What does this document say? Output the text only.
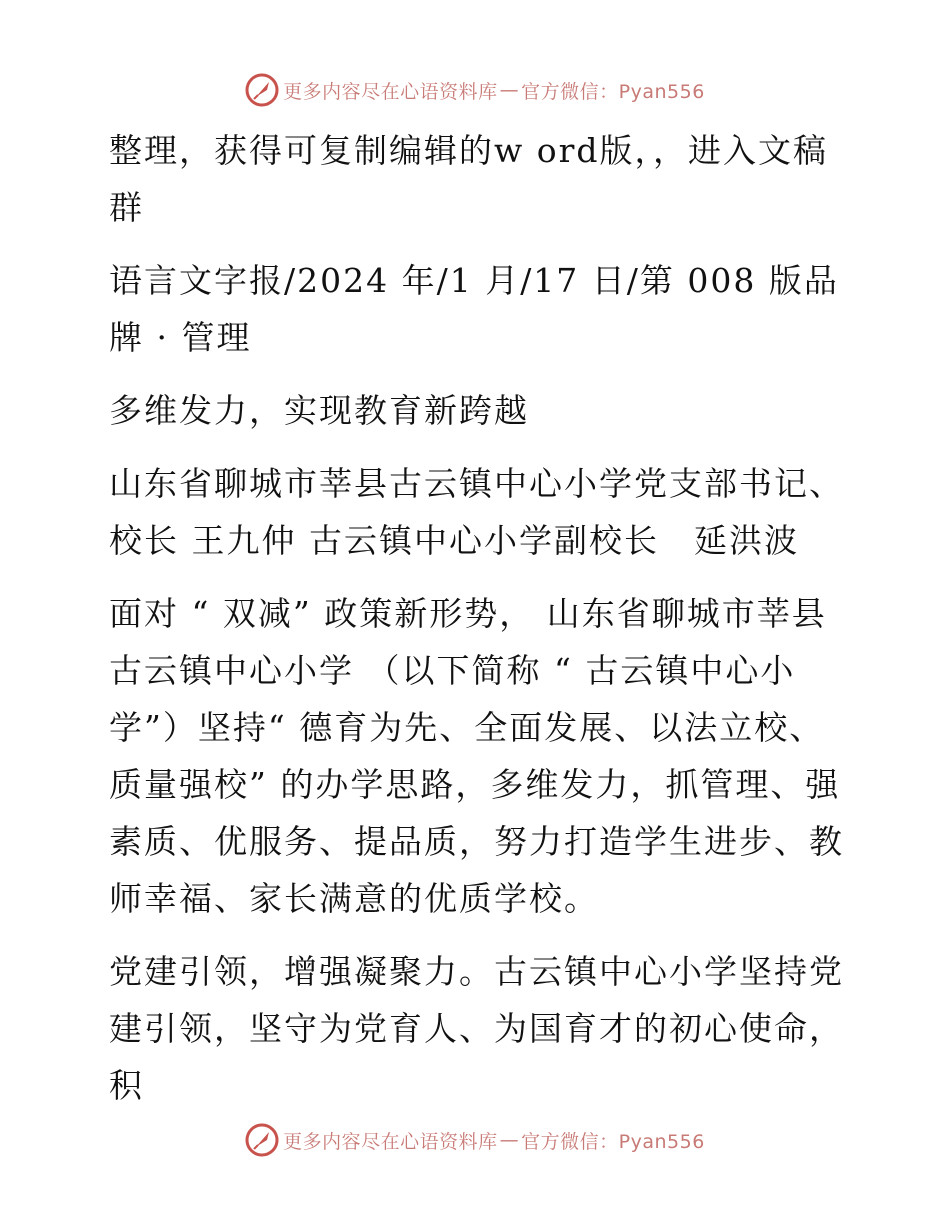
更多内容尽在心语资料库 — 官方微信：Pyan556

整理，获得可复制编辑的w ord版，，进入文稿群

语言文字报/2024 年/1 月/17 日/第 008 版品牌 · 管理

多维发力，实现教育新跨越

山东省聊城市莘县古云镇中心小学党支部书记、校长 王九仲 古云镇中心小学副校长　延洪波

面对 “ 双减” 政策新形势， 山东省聊城市莘县古云镇中心小学 （以下简称 “ 古云镇中心小学”）坚持“ 德育为先、全面发展、以法立校、质量强校” 的办学思路，多维发力，抓管理、强素质、优服务、提品质，努力打造学生进步、教师幸福、家长满意的优质学校。

党建引领，增强凝聚力。古云镇中心小学坚持党建引领，坚守为党育人、为国育才的初心使命，积

更多内容尽在心语资料库 — 官方微信：Pyan556
